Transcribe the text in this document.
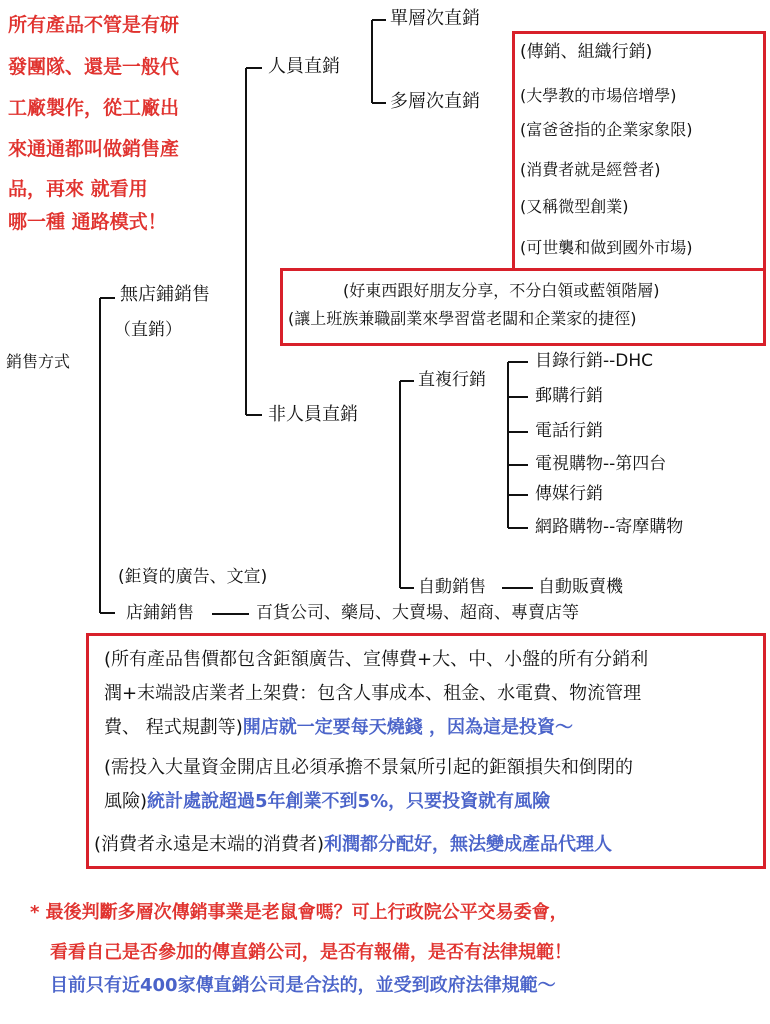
所有產品不管是有研
發團隊、還是一般代
工廠製作，從工廠出
來通通都叫做銷售產
品，再來 就看用
哪一種 通路模式！
銷售方式
無店鋪銷售
（直銷）
人員直銷
單層次直銷
多層次直銷
(傳銷、組織行銷)
(大學教的市場倍增學)
(富爸爸指的企業家象限)
(消費者就是經營者)
(又稱微型創業)
(可世襲和做到國外市場)
(好東西跟好朋友分享，不分白領或藍領階層)
(讓上班族兼職副業來學習當老闆和企業家的捷徑)
非人員直銷
直複行銷
目錄行銷--DHC
郵購行銷
電話行銷
電視購物--第四台
傳媒行銷
網路購物--寄摩購物
自動銷售	自動販賣機
(鉅資的廣告、文宣)
店鋪銷售	百貨公司、藥局、大賣場、超商、專賣店等
(所有產品售價都包含鉅額廣告、宣傳費+大、中、小盤的所有分銷利
潤+末端設店業者上架費：包含人事成本、租金、水電費、物流管理
費、 程式規劃等)開店就一定要每天燒錢 ，因為這是投資～
(需投入大量資金開店且必須承擔不景氣所引起的鉅額損失和倒閉的
風險)統計處說超過5年創業不到5%，只要投資就有風險
(消費者永遠是末端的消費者)利潤都分配好，無法變成產品代理人
* 最後判斷多層次傳銷事業是老鼠會嗎？可上行政院公平交易委會，
看看自己是否參加的傳直銷公司，是否有報備，是否有法律規範！
目前只有近400家傳直銷公司是合法的，並受到政府法律規範～
